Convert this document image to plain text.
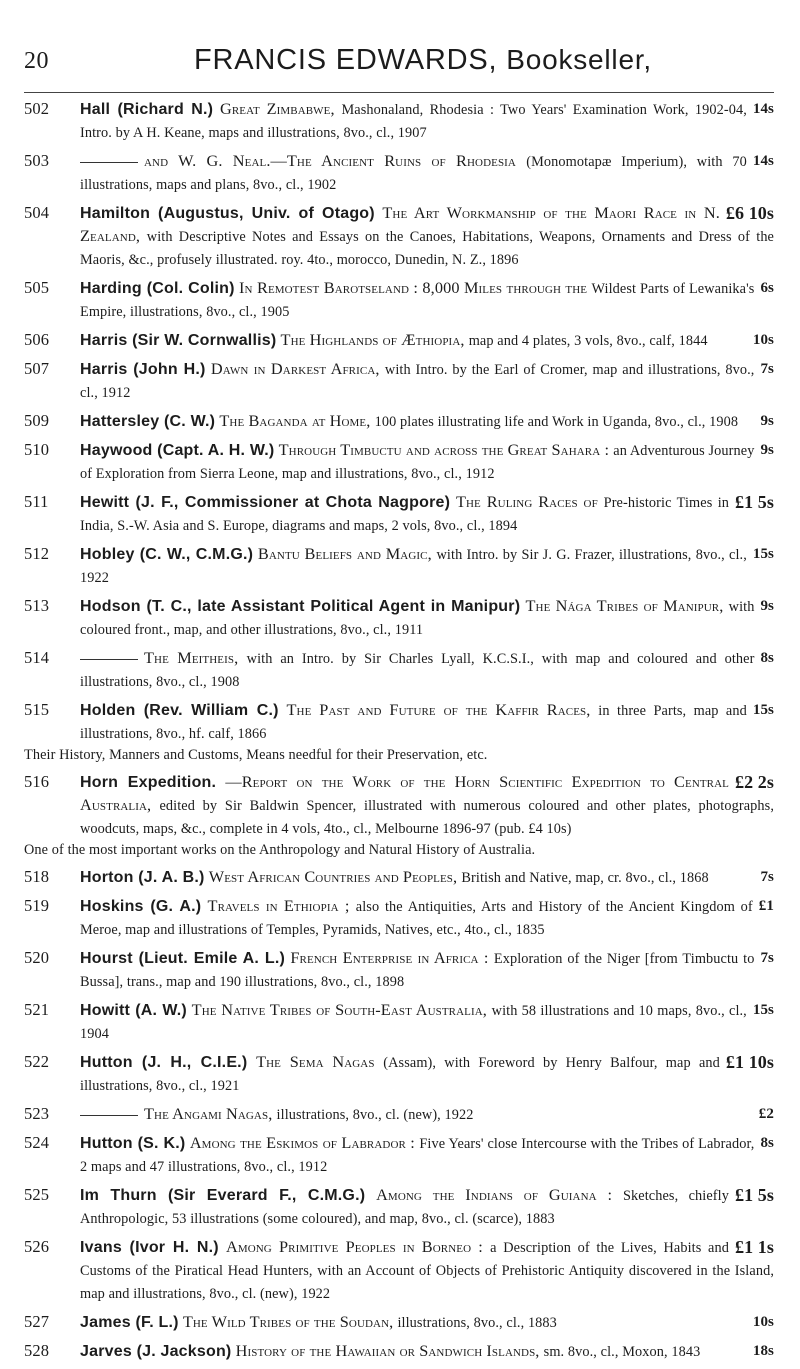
20	FRANCIS EDWARDS, Bookseller,
502	14s
Hall (Richard N.) Great Zimbabwe, Mashonaland, Rhodesia : Two Years' Examination Work, 1902-04, Intro. by A H. Keane, maps and illustrations, 8vo., cl., 1907
503	14s
and W. G. Neal.—The Ancient Ruins of Rhodesia (Monomotapæ Imperium), with 70 illustrations, maps and plans, 8vo., cl., 1902
504	£6 10s
Hamilton (Augustus, Univ. of Otago) The Art Workmanship of the Maori Race in N. Zealand, with Descriptive Notes and Essays on the Canoes, Habitations, Weapons, Ornaments and Dress of the Maoris, &c., profusely illustrated. roy. 4to., morocco, Dunedin, N. Z., 1896
505	6s
Harding (Col. Colin) In Remotest Barotseland : 8,000 Miles through the Wildest Parts of Lewanika's Empire, illustrations, 8vo., cl., 1905
506	10s
Harris (Sir W. Cornwallis) The Highlands of Æthiopia, map and 4 plates, 3 vols, 8vo., calf, 1844
507	7s
Harris (John H.) Dawn in Darkest Africa, with Intro. by the Earl of Cromer, map and illustrations, 8vo., cl., 1912
509	9s
Hattersley (C. W.) The Baganda at Home, 100 plates illustrating life and Work in Uganda, 8vo., cl., 1908
510	9s
Haywood (Capt. A. H. W.) Through Timbuctu and across the Great Sahara : an Adventurous Journey of Exploration from Sierra Leone, map and illustrations, 8vo., cl., 1912
511	£1 5s
Hewitt (J. F., Commissioner at Chota Nagpore) The Ruling Races of Pre-historic Times in India, S.-W. Asia and S. Europe, diagrams and maps, 2 vols, 8vo., cl., 1894
512	15s
Hobley (C. W., C.M.G.) Bantu Beliefs and Magic, with Intro. by Sir J. G. Frazer, illustrations, 8vo., cl., 1922
513	9s
Hodson (T. C., late Assistant Political Agent in Manipur) The Nága Tribes of Manipur, with coloured front., map, and other illustrations, 8vo., cl., 1911
514	8s
The Meitheis, with an Intro. by Sir Charles Lyall, K.C.S.I., with map and coloured and other illustrations, 8vo., cl., 1908
515	15s
Holden (Rev. William C.) The Past and Future of the Kaffir Races, in three Parts, map and illustrations, 8vo., hf. calf, 1866
Their History, Manners and Customs, Means needful for their Preservation, etc.
516	£2 2s
Horn Expedition. —Report on the Work of the Horn Scientific Expedition to Central Australia, edited by Sir Baldwin Spencer, illustrated with numerous coloured and other plates, photographs, woodcuts, maps, &c., complete in 4 vols, 4to., cl., Melbourne 1896-97 (pub. £4 10s)
One of the most important works on the Anthropology and Natural History of Australia.
518	7s
Horton (J. A. B.) West African Countries and Peoples, British and Native, map, cr. 8vo., cl., 1868
519	£1
Hoskins (G. A.) Travels in Ethiopia ; also the Antiquities, Arts and History of the Ancient Kingdom of Meroe, map and illustrations of Temples, Pyramids, Natives, etc., 4to., cl., 1835
520	7s
Hourst (Lieut. Emile A. L.) French Enterprise in Africa : Exploration of the Niger [from Timbuctu to Bussa], trans., map and 190 illustrations, 8vo., cl., 1898
521	15s
Howitt (A. W.) The Native Tribes of South-East Australia, with 58 illustrations and 10 maps, 8vo., cl., 1904
522	£1 10s
Hutton (J. H., C.I.E.) The Sema Nagas (Assam), with Foreword by Henry Balfour, map and illustrations, 8vo., cl., 1921
523	£2
The Angami Nagas, illustrations, 8vo., cl. (new), 1922
524	8s
Hutton (S. K.) Among the Eskimos of Labrador : Five Years' close Intercourse with the Tribes of Labrador, 2 maps and 47 illustrations, 8vo., cl., 1912
525	£1 5s
Im Thurn (Sir Everard F., C.M.G.) Among the Indians of Guiana : Sketches, chiefly Anthropologic, 53 illustrations (some coloured), and map, 8vo., cl. (scarce), 1883
526	£1 1s
Ivans (Ivor H. N.) Among Primitive Peoples in Borneo : a Description of the Lives, Habits and Customs of the Piratical Head Hunters, with an Account of Objects of Prehistoric Antiquity discovered in the Island, map and illustrations, 8vo., cl. (new), 1922
527	10s
James (F. L.) The Wild Tribes of the Soudan, illustrations, 8vo., cl., 1883
528	18s
Jarves (J. Jackson) History of the Hawaiian or Sandwich Islands, sm. 8vo., cl., Moxon, 1843
